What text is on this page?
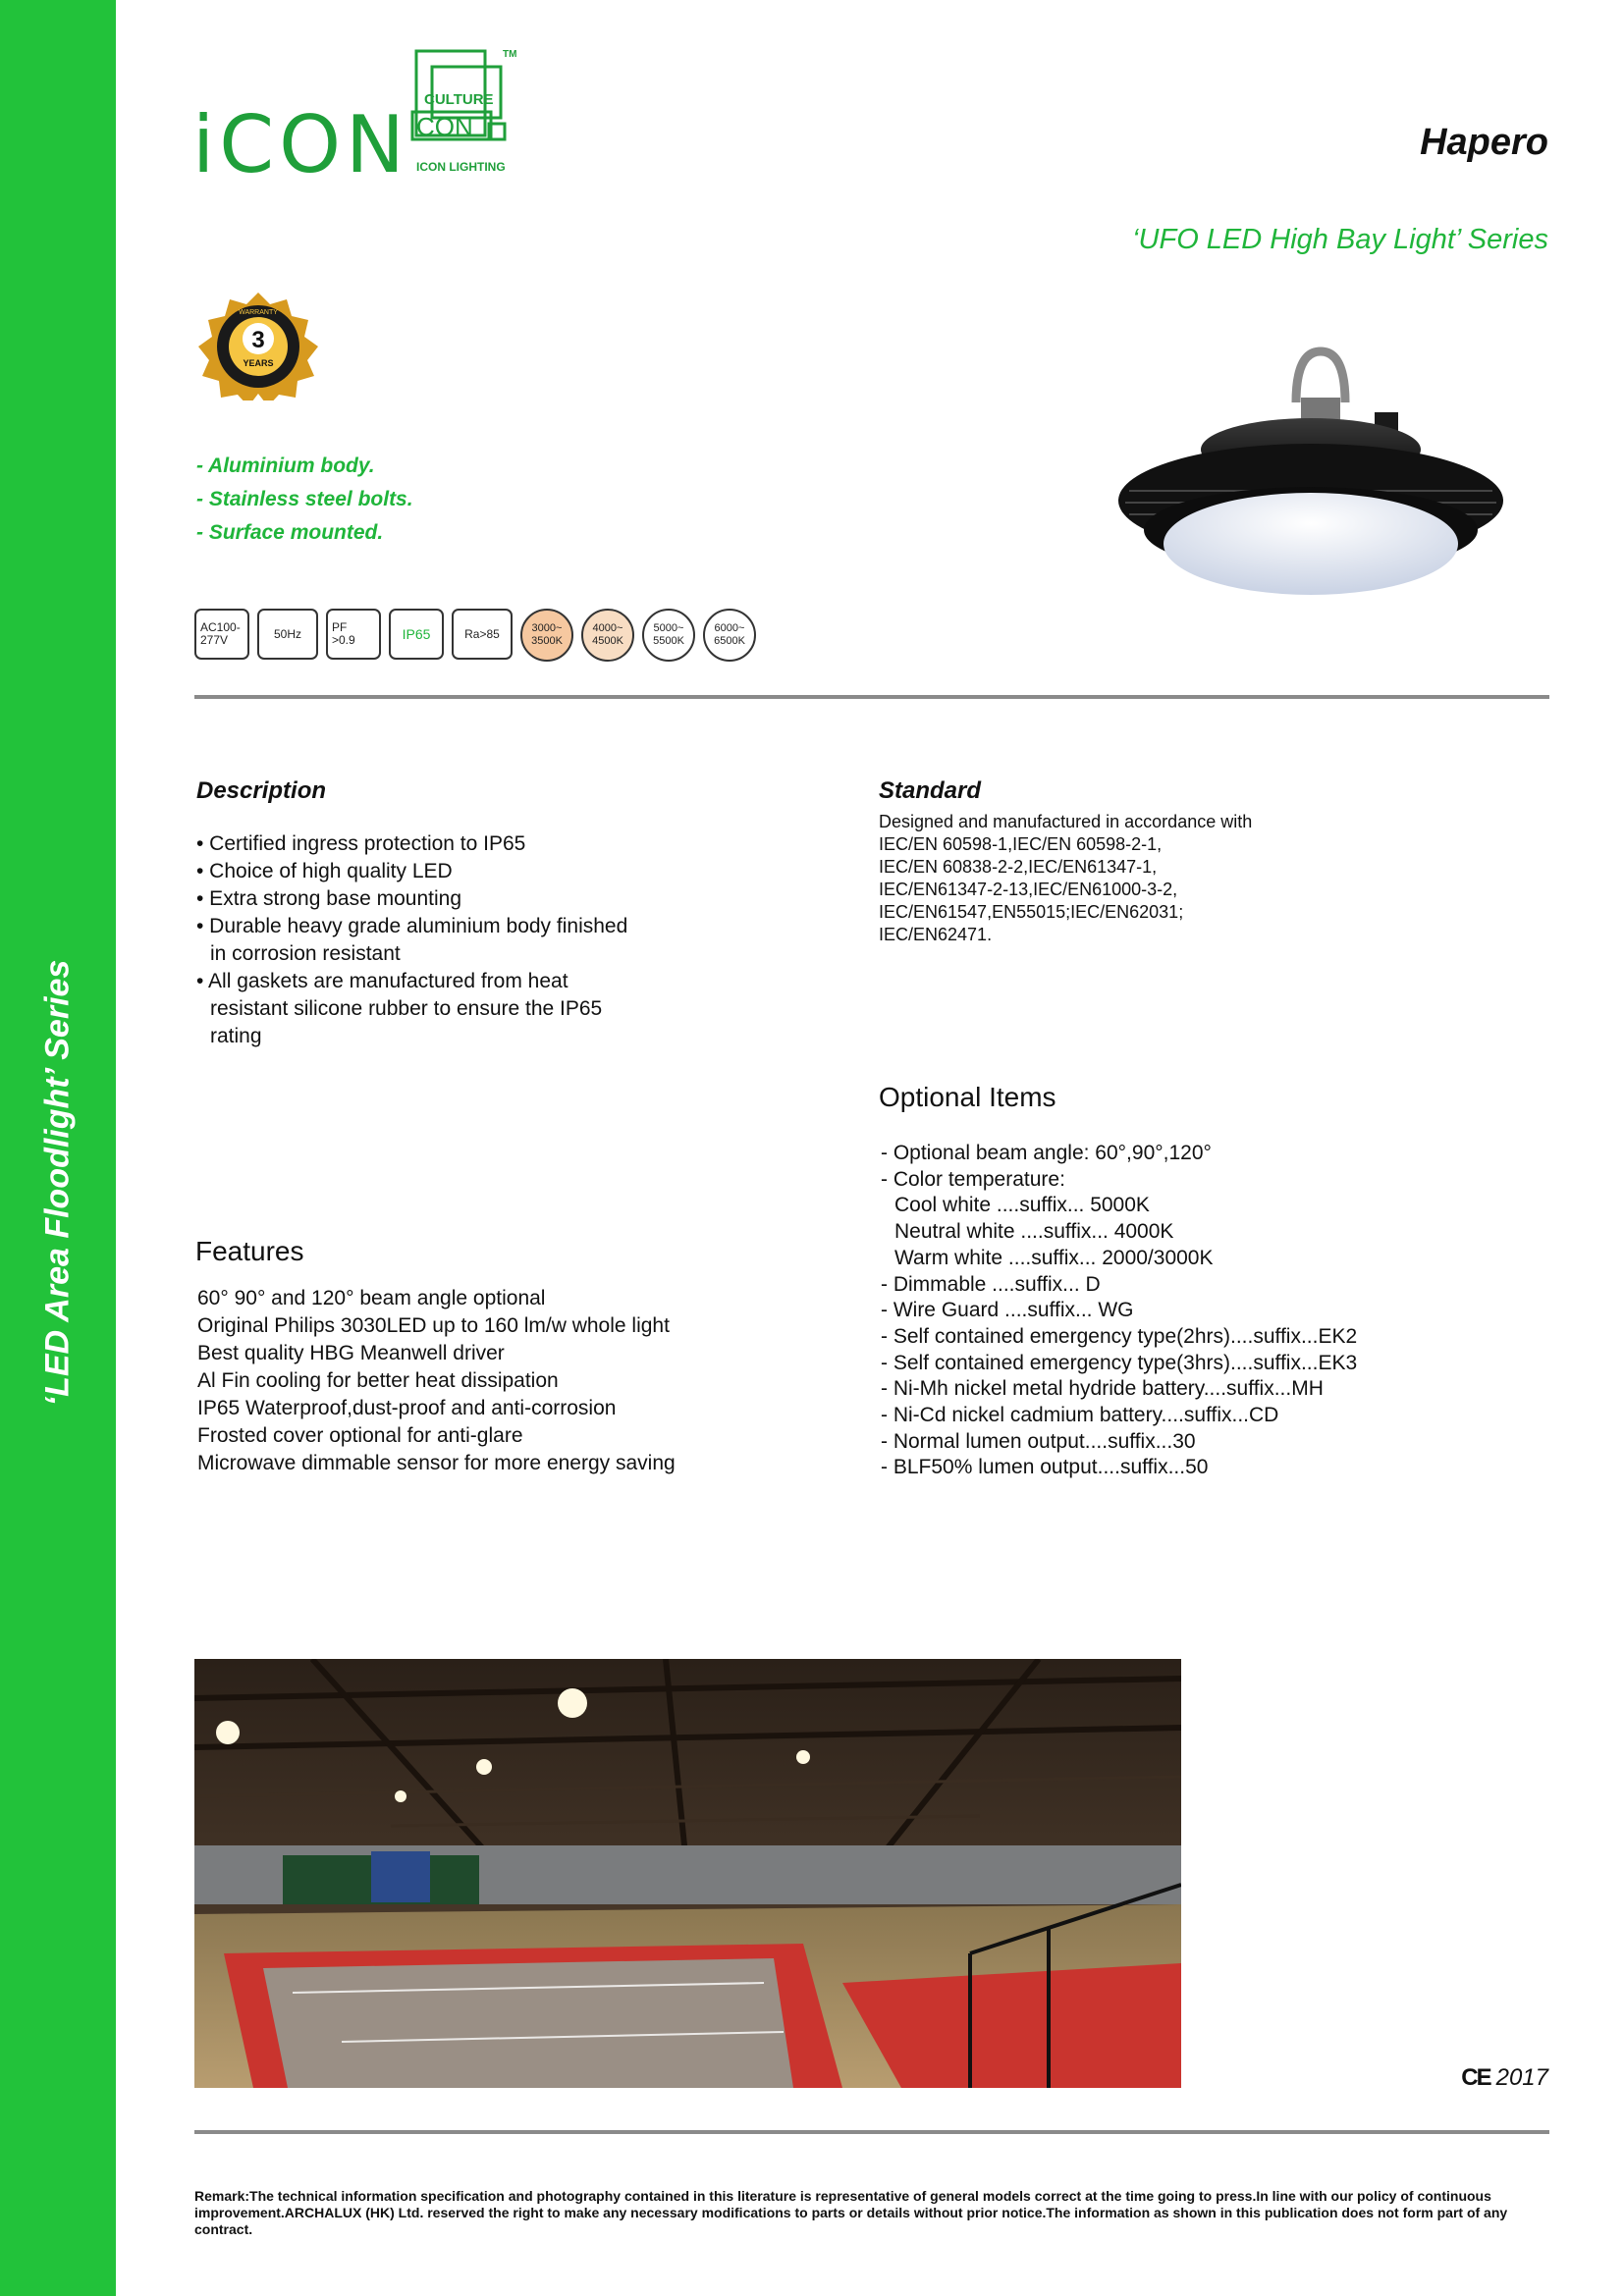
‘LED Area Floodlight’ Series
iCON CULTURE
CON
TM
ICON LIGHTING
Hapero
‘UFO LED High Bay Light’ Series
3
YEARS
WARRANTY
- Aluminium body.
- Stainless steel bolts.
- Surface mounted.
AC100-
277V	50Hz	PF
>0.9	IP65	Ra>85	3000~
3500K
4000~
4500K
5000~
5500K
6000~
6500K
Description
• Certified ingress protection to IP65
• Choice of high quality LED
• Extra strong base mounting
• Durable heavy grade aluminium body finished
in corrosion resistant
• All gaskets are manufactured from heat
resistant silicone rubber to ensure the IP65
rating
Standard
Designed and manufactured in accordance with
IEC/EN 60598-1,IEC/EN 60598-2-1,
IEC/EN 60838-2-2,IEC/EN61347-1,
IEC/EN61347-2-13,IEC/EN61000-3-2,
IEC/EN61547,EN55015;IEC/EN62031;
IEC/EN62471.
Optional Items
- Optional beam angle: 60°,90°,120°
- Color temperature:
Cool white ....suffix... 5000K
Neutral white ....suffix... 4000K
Warm white ....suffix... 2000/3000K
- Dimmable ....suffix... D
- Wire Guard ....suffix... WG
- Self contained emergency type(2hrs)....suffix...EK2
- Self contained emergency type(3hrs)....suffix...EK3
- Ni-Mh nickel metal hydride battery....suffix...MH
- Ni-Cd nickel cadmium battery....suffix...CD
- Normal lumen output....suffix...30
- BLF50% lumen output....suffix...50
Features
60° 90° and 120° beam angle optional
Original Philips 3030LED up to 160 lm/w whole light
Best quality HBG Meanwell driver
Al Fin cooling for better heat dissipation
IP65 Waterproof,dust-proof and anti-corrosion
Frosted cover optional for anti-glare
Microwave dimmable sensor for more energy saving
CE 2017
Remark:The technical information specification and photography contained in this literature is representative of general models correct at the time going to press.In line with our policy of continuous improvement.ARCHALUX (HK) Ltd. reserved the right to make any necessary modifications to parts or details without prior notice.The information as shown in this publication does not form part of any contract.
